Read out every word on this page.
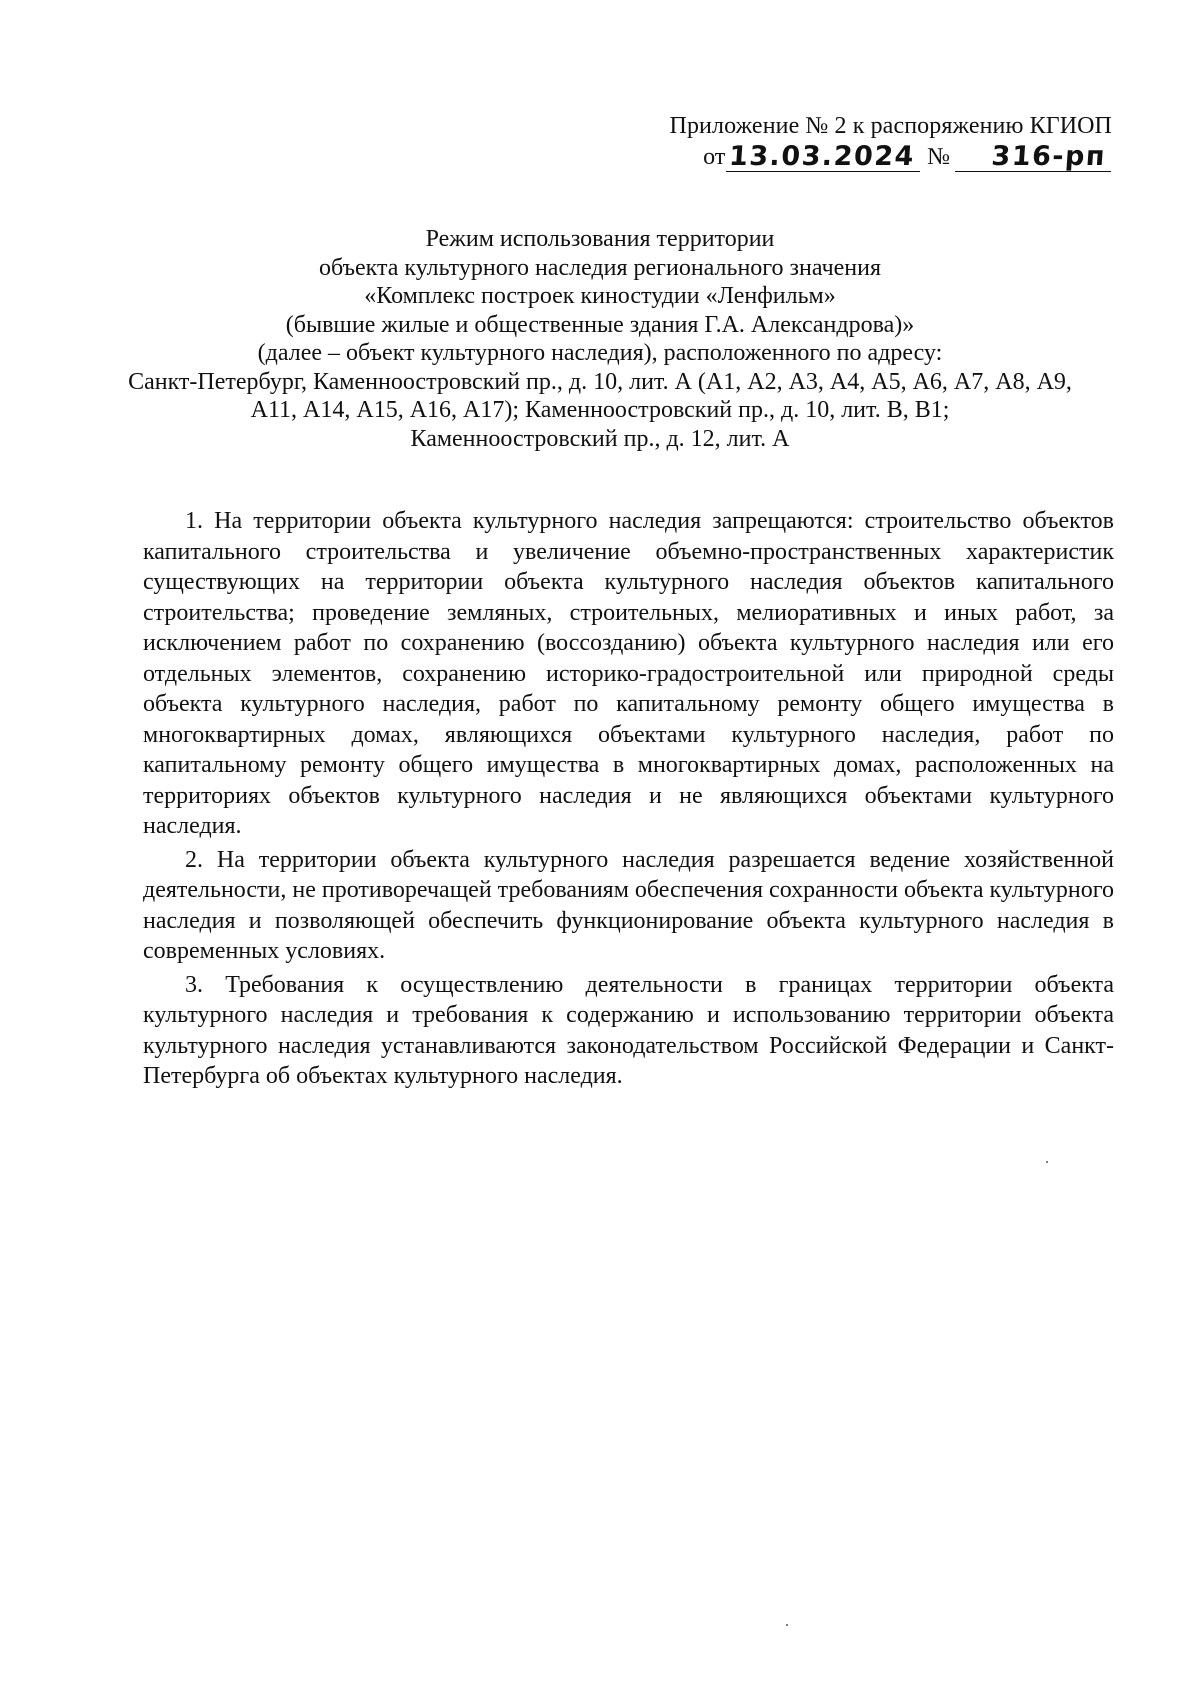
Приложение № 2 к распоряжению КГИОП
от 13.03.2024 №	316-рп
Режим использования территории
объекта культурного наследия регионального значения
«Комплекс построек киностудии «Ленфильм»
(бывшие жилые и общественные здания Г.А. Александрова)»
(далее – объект культурного наследия), расположенного по адресу:
Санкт-Петербург, Каменноостровский пр., д. 10, лит. А (А1, А2, А3, А4, А5, А6, А7, А8, А9,
А11, А14, А15, А16, А17); Каменноостровский пр., д. 10, лит. В, В1;
Каменноостровский пр., д. 12, лит. А

1. На территории объекта культурного наследия запрещаются: строительство объектов капитального строительства и увеличение объемно-пространственных характеристик существующих на территории объекта культурного наследия объектов капитального строительства; проведение земляных, строительных, мелиоративных и иных работ, за исключением работ по сохранению (воссозданию) объекта культурного наследия или его отдельных элементов, сохранению историко-градостроительной или природной среды объекта культурного наследия, работ по капитальному ремонту общего имущества в многоквартирных домах, являющихся объектами культурного наследия, работ по капитальному ремонту общего имущества в многоквартирных домах, расположенных на территориях объектов культурного наследия и не являющихся объектами культурного наследия.

2. На территории объекта культурного наследия разрешается ведение хозяйственной деятельности, не противоречащей требованиям обеспечения сохранности объекта культурного наследия и позволяющей обеспечить функционирование объекта культурного наследия в современных условиях.

3. Требования к осуществлению деятельности в границах территории объекта культурного наследия и требования к содержанию и использованию территории объекта культурного наследия устанавливаются законодательством Российской Федерации и Санкт-Петербурга об объектах культурного наследия.
